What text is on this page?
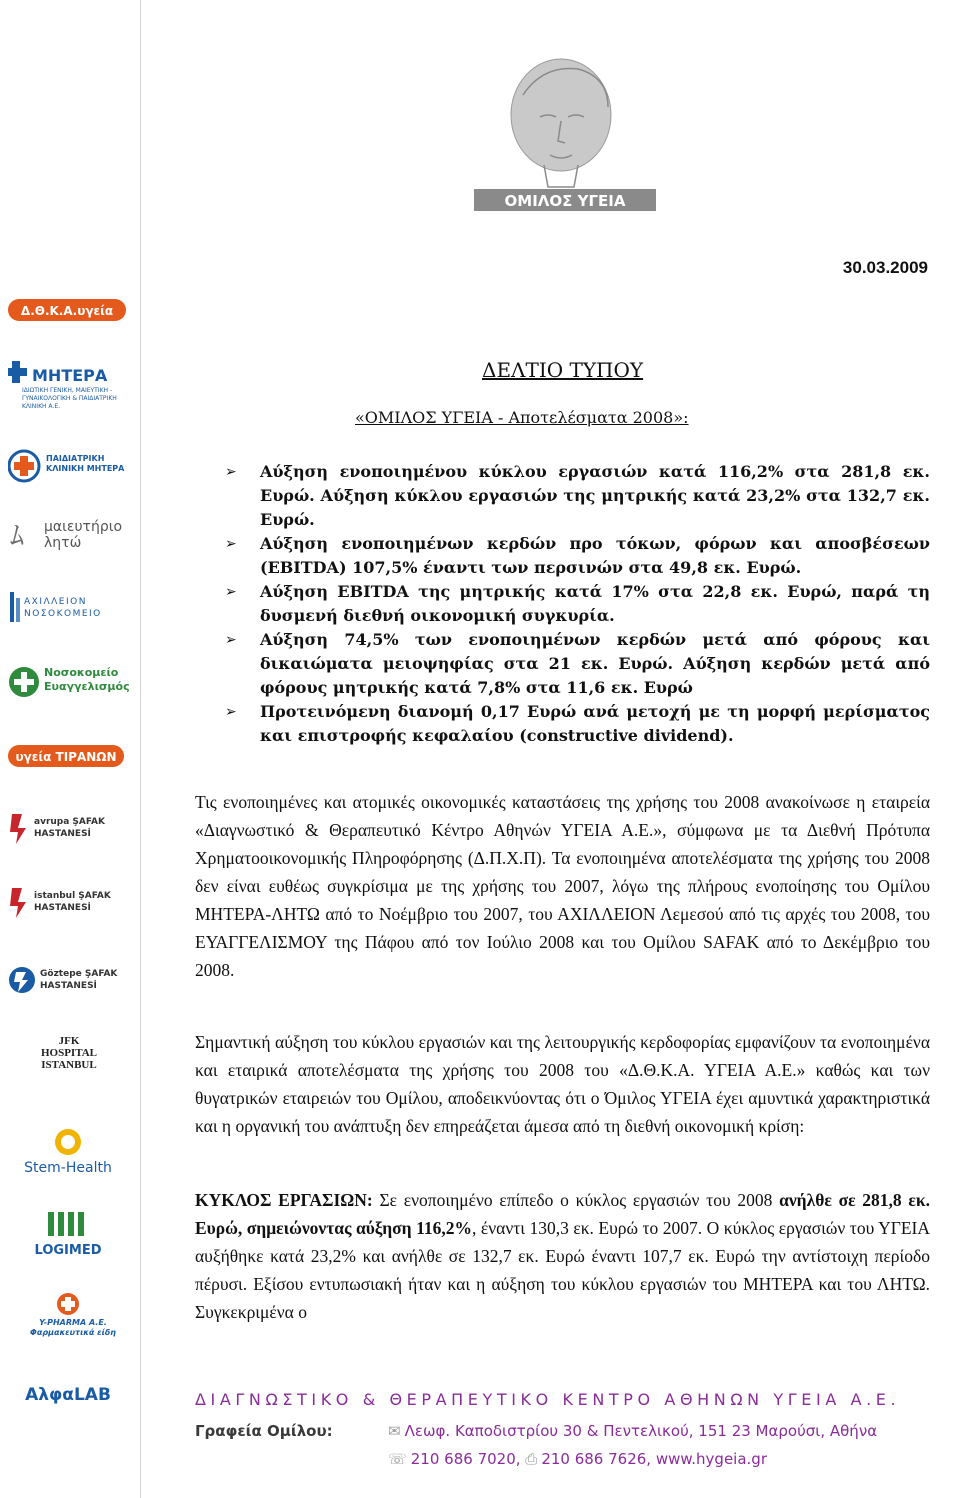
Δ.Θ.Κ.Α.υγεία
ΜΗΤΕΡΑ
ΙΔΙΩΤΙΚΗ ΓΕΝΙΚΗ, ΜΑΙΕΥΤΙΚΗ - ΓΥΝΑΙΚΟΛΟΓΙΚΗ & ΠΑΙΔΙΑΤΡΙΚΗ ΚΛΙΝΙΚΗ Α.Ε.
ΠΑΙΔΙΑΤΡΙΚΗ ΚΛΙΝΙΚΗ ΜΗΤΕΡΑ
ﾑ μαιευτήριο λητώ
ΑΧΙΛΛΕΙΟΝ ΝΟΣΟΚΟΜΕΙΟ
Νοσοκομείο Ευαγγελισμός
υγεία ΤΙΡΑΝΩΝ
avrupa ŞAFAK HASTANESİ
istanbul ŞAFAK HASTANESİ
Göztepe ŞAFAK HASTANESİ
JFK HOSPITAL ISTANBUL
Stem-Health
LOGIMED
Y-PHARMA A.E. Φαρμακευτικά είδη
ΑλφαLAB
ΟΜΙΛΟΣ ΥΓΕΙΑ
30.03.2009
ΔΕΛΤΙΟ ΤΥΠΟΥ
«ΟΜΙΛΟΣ ΥΓΕΙΑ - Αποτελέσματα 2008»:
➢ Αύξηση ενοποιημένου κύκλου εργασιών κατά 116,2% στα 281,8 εκ. Ευρώ. Αύξηση κύκλου εργασιών της μητρικής κατά 23,2% στα 132,7 εκ. Ευρώ.
➢ Αύξηση ενοποιημένων κερδών προ τόκων, φόρων και αποσβέσεων (EBITDA) 107,5% έναντι των περσινών στα 49,8 εκ. Ευρώ.
➢ Αύξηση EBITDA της μητρικής κατά 17% στα 22,8 εκ. Ευρώ, παρά τη δυσμενή διεθνή οικονομική συγκυρία.
➢ Αύξηση 74,5% των ενοποιημένων κερδών μετά από φόρους και δικαιώματα μειοψηφίας στα 21 εκ. Ευρώ. Αύξηση κερδών μετά από φόρους μητρικής κατά 7,8% στα 11,6 εκ. Ευρώ
➢ Προτεινόμενη διανομή 0,17 Ευρώ ανά μετοχή με τη μορφή μερίσματος και επιστροφής κεφαλαίου (constructive dividend).

Τις ενοποιημένες και ατομικές οικονομικές καταστάσεις της χρήσης του 2008 ανακοίνωσε η εταιρεία «Διαγνωστικό & Θεραπευτικό Κέντρο Αθηνών ΥΓΕΙΑ Α.Ε.», σύμφωνα με τα Διεθνή Πρότυπα Χρηματοοικονομικής Πληροφόρησης (Δ.Π.Χ.Π). Τα ενοποιημένα αποτελέσματα της χρήσης του 2008 δεν είναι ευθέως συγκρίσιμα με της χρήσης του 2007, λόγω της πλήρους ενοποίησης του Ομίλου ΜΗΤΕΡΑ-ΛΗΤΩ από το Νοέμβριο του 2007, του ΑΧΙΛΛΕΙΟΝ Λεμεσού από τις αρχές του 2008, του ΕΥΑΓΓΕΛΙΣΜΟΥ της Πάφου από τον Ιούλιο 2008 και του Ομίλου SAFAK από το Δεκέμβριο του 2008.

Σημαντική αύξηση του κύκλου εργασιών και της λειτουργικής κερδοφορίας εμφανίζουν τα ενοποιημένα και εταιρικά αποτελέσματα της χρήσης του 2008 του «Δ.Θ.Κ.Α. ΥΓΕΙΑ Α.Ε.» καθώς και των θυγατρικών εταιρειών του Ομίλου, αποδεικνύοντας ότι ο Όμιλος ΥΓΕΙΑ έχει αμυντικά χαρακτηριστικά και η οργανική του ανάπτυξη δεν επηρεάζεται άμεσα από τη διεθνή οικονομική κρίση:

ΚΥΚΛΟΣ ΕΡΓΑΣΙΩΝ: Σε ενοποιημένο επίπεδο ο κύκλος εργασιών του 2008 ανήλθε σε 281,8 εκ. Ευρώ, σημειώνοντας αύξηση 116,2%, έναντι 130,3 εκ. Ευρώ το 2007. Ο κύκλος εργασιών του ΥΓΕΙΑ αυξήθηκε κατά 23,2% και ανήλθε σε 132,7 εκ. Ευρώ έναντι 107,7 εκ. Ευρώ την αντίστοιχη περίοδο πέρυσι. Εξίσου εντυπωσιακή ήταν και η αύξηση του κύκλου εργασιών του ΜΗΤΕΡΑ και του ΛΗΤΩ. Συγκεκριμένα ο

ΔΙΑΓΝΩΣΤΙΚΟ & ΘΕΡΑΠΕΥΤΙΚΟ ΚΕΝΤΡΟ ΑΘΗΝΩΝ ΥΓΕΙΑ Α.Ε.
Γραφεία Ομίλου:	✉ Λεωφ. Καποδιστρίου 30 & Πεντελικού, 151 23 Μαρούσι, Αθήνα
☏ 210 686 7020, ⎙ 210 686 7626, www.hygeia.gr
